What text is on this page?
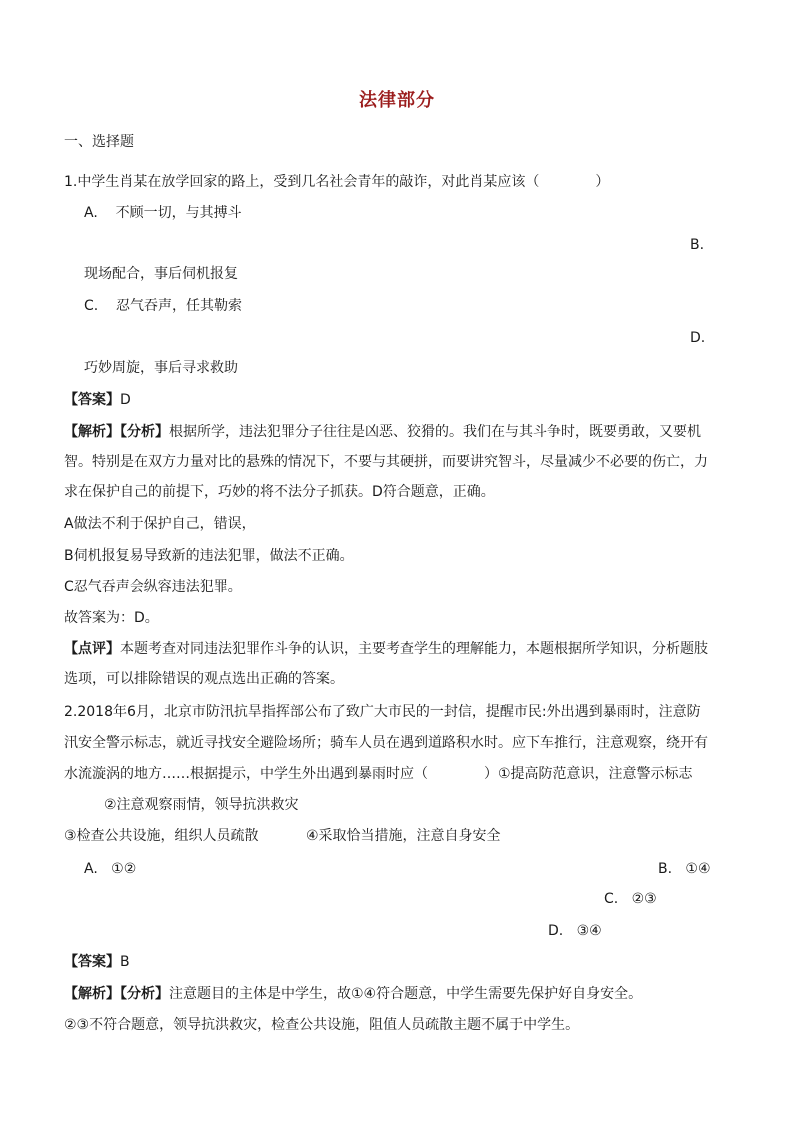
法律部分
一、选择题
1.中学生肖某在放学回家的路上，受到几名社会青年的敲诈，对此肖某应该（　　　　）
A. 不顾一切，与其搏斗
B.
现场配合，事后伺机报复
C. 忍气吞声，任其勒索
D.
巧妙周旋，事后寻求救助
【答案】D
【解析】【分析】根据所学，违法犯罪分子往往是凶恶、狡猾的。我们在与其斗争时，既要勇敢，又要机
智。特别是在双方力量对比的悬殊的情况下，不要与其硬拼，而要讲究智斗，尽量减少不必要的伤亡，力
求在保护自己的前提下，巧妙的将不法分子抓获。D符合题意，正确。
A做法不利于保护自己，错误，
B伺机报复易导致新的违法犯罪，做法不正确。
C忍气吞声会纵容违法犯罪。
故答案为：D。
【点评】本题考查对同违法犯罪作斗争的认识，主要考查学生的理解能力，本题根据所学知识，分析题肢
选项，可以排除错误的观点选出正确的答案。
2.2018年6月，北京市防汛抗旱指挥部公布了致广大市民的一封信，提醒市民:外出遇到暴雨时，注意防
汛安全警示标志，就近寻找安全避险场所；骑车人员在遇到道路积水时。应下车推行，注意观察，绕开有
水流漩涡的地方……根据提示，中学生外出遇到暴雨时应（　　　　）①提高防范意识，注意警示标志
②注意观察雨情，领导抗洪救灾
③检查公共设施，组织人员疏散	④采取恰当措施，注意自身安全
A. ①②	B. ①④
C. ②③
D. ③④
【答案】B
【解析】【分析】注意题目的主体是中学生，故①④符合题意，中学生需要先保护好自身安全。
②③不符合题意，领导抗洪救灾，检查公共设施，阻值人员疏散主题不属于中学生。
